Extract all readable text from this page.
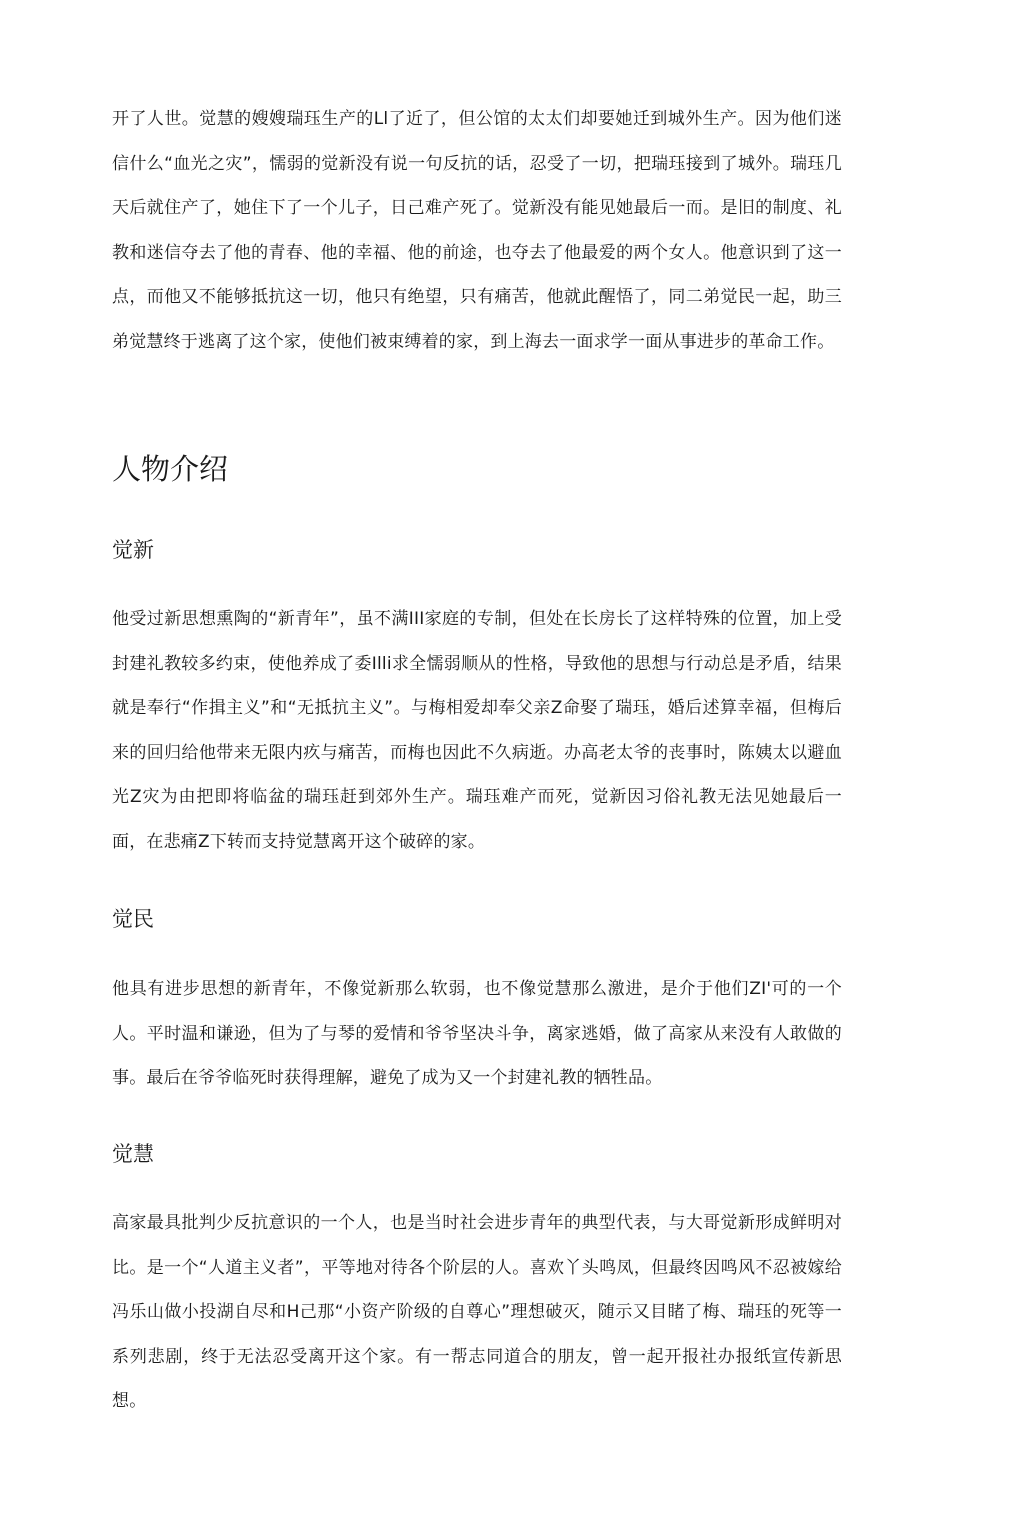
开了人世。觉慧的嫂嫂瑞珏生产的Ll了近了，但公馆的太太们却要她迁到城外生产。因为他们迷信什么“血光之灾”，懦弱的觉新没有说一句反抗的话，忍受了一切，把瑞珏接到了城外。瑞珏几天后就住产了，她住下了一个儿子，日己难产死了。觉新没有能见她最后一而。是旧的制度、礼教和迷信夺去了他的青春、他的幸福、他的前途，也夺去了他最爱的两个女人。他意识到了这一点，而他又不能够抵抗这一切，他只有绝望，只有痛苦，他就此醒悟了，同二弟觉民一起，助三弟觉慧终于逃离了这个家，使他们被束缚着的家，到上海去一面求学一面从事进步的革命工作。

人物介绍
觉新

他受过新思想熏陶的“新青年”，虽不满III家庭的专制，但处在长房长了这样特殊的位置，加上受封建礼教较多约束，使他养成了委Illi求全懦弱顺从的性格，导致他的思想与行动总是矛盾，结果就是奉行“作揖主义”和“无抵抗主义”。与梅相爱却奉父亲Z命娶了瑞珏，婚后述算幸福，但梅后来的回归给他带来无限内疚与痛苦，而梅也因此不久病逝。办高老太爷的丧事时，陈姨太以避血光Z灾为由把即将临盆的瑞珏赶到郊外生产。瑞珏难产而死，觉新因习俗礼教无法见她最后一面，在悲痛Z下转而支持觉慧离开这个破碎的家。

觉民

他具有进步思想的新青年，不像觉新那么软弱，也不像觉慧那么激进，是介于他们ZI'可的一个人。平时温和谦逊，但为了与琴的爱情和爷爷坚决斗争，离家逃婚，做了高家从来没有人敢做的事。最后在爷爷临死时获得理解，避免了成为又一个封建礼教的牺牲品。

觉慧

高家最具批判少反抗意识的一个人，也是当时社会进步青年的典型代表，与大哥觉新形成鲜明对比。是一个“人道主义者”，平等地对待各个阶层的人。喜欢丫头鸣凤，但最终因鸣风不忍被嫁给冯乐山做小投湖自尽和H己那“小资产阶级的自尊心”理想破灭，随示又目睹了梅、瑞珏的死等一系列悲剧，终于无法忍受离开这个家。有一帮志同道合的朋友，曾一起开报社办报纸宣传新思想。
